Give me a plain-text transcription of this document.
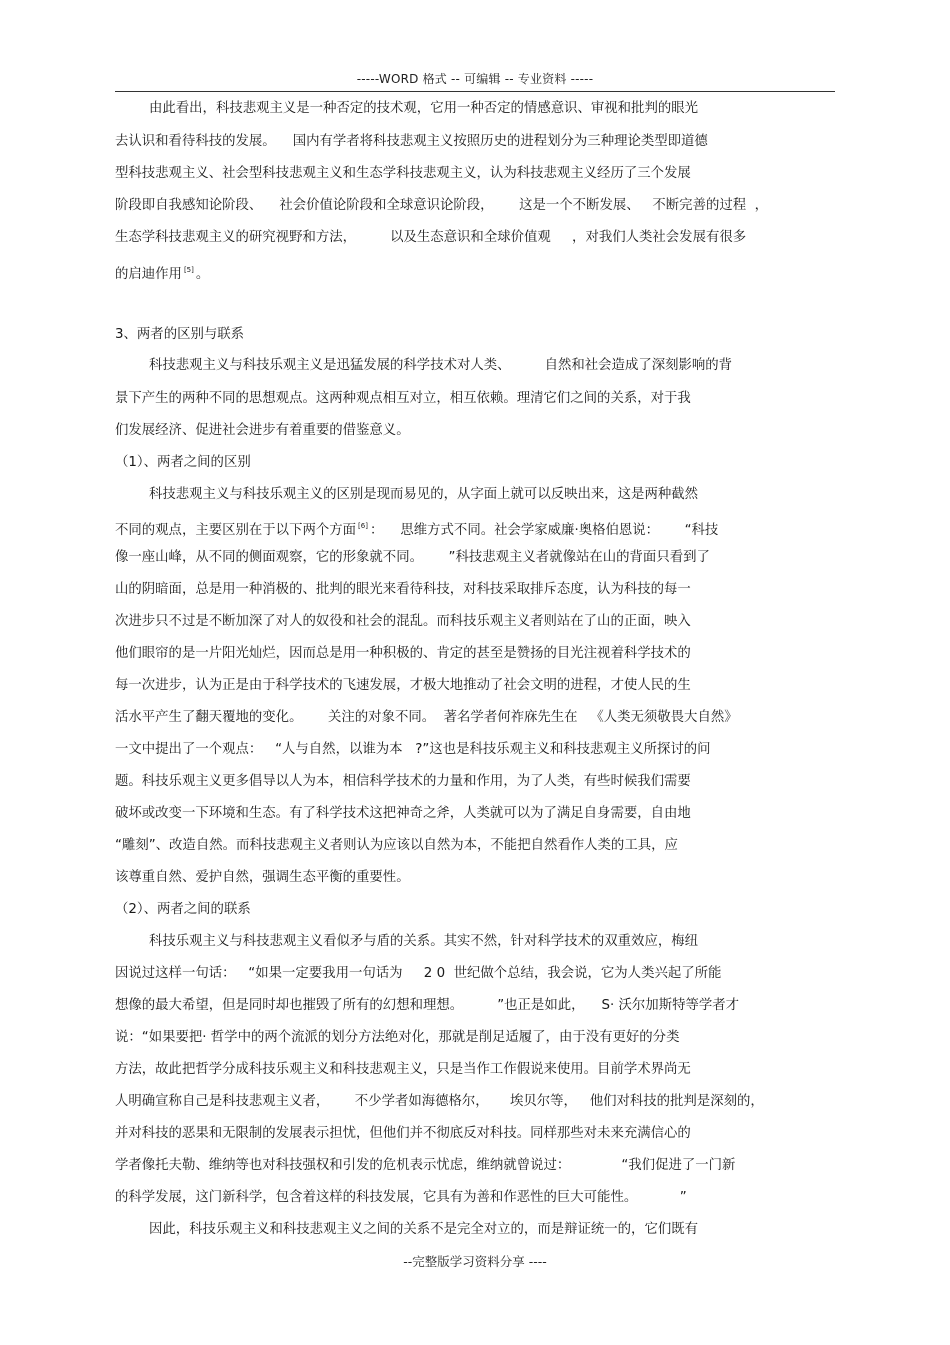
-----WORD 格式 -- 可编辑 -- 专业资料 -----
由此看出，科技悲观主义是一种否定的技术观，它用一种否定的情感意识、审视和批判的眼光
去认识和看待科技的发展。    国内有学者将科技悲观主义按照历史的进程划分为三种理论类型即道德
型科技悲观主义、社会型科技悲观主义和生态学科技悲观主义，认为科技悲观主义经历了三个发展
阶段即自我感知论阶段、    社会价值论阶段和全球意识论阶段，      这是一个不断发展、   不断完善的过程  ，
生态学科技悲观主义的研究视野和方法，        以及生态意识和全球价值观     ，对我们人类社会发展有很多
的启迪作用 [5] 。
3、两者的区别与联系
科技悲观主义与科技乐观主义是迅猛发展的科学技术对人类、        自然和社会造成了深刻影响的背
景下产生的两种不同的思想观点。这两种观点相互对立，相互依赖。理清它们之间的关系，对于我
们发展经济、促进社会进步有着重要的借鉴意义。
（1）、两者之间的区别
科技悲观主义与科技乐观主义的区别是现而易见的，从字面上就可以反映出来，这是两种截然
不同的观点，主要区别在于以下两个方面 [6] ：    思维方式不同。社会学家威廉·奥格伯恩说：      “科技
像一座山峰，从不同的侧面观察，它的形象就不同。      ”科技悲观主义者就像站在山的背面只看到了
山的阴暗面，总是用一种消极的、批判的眼光来看待科技，对科技采取排斥态度，认为科技的每一
次进步只不过是不断加深了对人的奴役和社会的混乱。而科技乐观主义者则站在了山的正面，映入
他们眼帘的是一片阳光灿烂，因而总是用一种积极的、肯定的甚至是赞扬的目光注视着科学技术的
每一次进步，认为正是由于科学技术的飞速发展，才极大地推动了社会文明的进程，才使人民的生
活水平产生了翻天覆地的变化。      关注的对象不同。  著名学者何祚庥先生在   《人类无须敬畏大自然》
一文中提出了一个观点：   “人与自然，以谁为本   ?”这也是科技乐观主义和科技悲观主义所探讨的问
题。科技乐观主义更多倡导以人为本，相信科学技术的力量和作用，为了人类，有些时候我们需要
破坏或改变一下环境和生态。有了科学技术这把神奇之斧，人类就可以为了满足自身需要，自由地
“雕刻”、改造自然。而科技悲观主义者则认为应该以自然为本，不能把自然看作人类的工具，应
该尊重自然、爱护自然，强调生态平衡的重要性。
（2）、两者之间的联系
科技乐观主义与科技悲观主义看似矛与盾的关系。其实不然，针对科学技术的双重效应，梅纽
因说过这样一句话：   “如果一定要我用一句话为     2 0  世纪做个总结，我会说，它为人类兴起了所能
想像的最大希望，但是同时却也摧毁了所有的幻想和理想。        ”也正是如此，    S· 沃尔加斯特等学者才
说：“如果要把· 哲学中的两个流派的划分方法绝对化，那就是削足适履了，由于没有更好的分类
方法，故此把哲学分成科技乐观主义和科技悲观主义，只是当作工作假说来使用。目前学术界尚无
人明确宣称自己是科技悲观主义者，      不少学者如海德格尔，     埃贝尔等，   他们对科技的批判是深刻的，
并对科技的恶果和无限制的发展表示担忧，但他们并不彻底反对科技。同样那些对未来充满信心的
学者像托夫勒、维纳等也对科技强权和引发的危机表示忧虑，维纳就曾说过：            “我们促进了一门新
的科学发展，这门新科学，包含着这样的科技发展，它具有为善和作恶性的巨大可能性。          ”
因此，科技乐观主义和科技悲观主义之间的关系不是完全对立的，而是辩证统一的，它们既有
--完整版学习资料分享 ----
